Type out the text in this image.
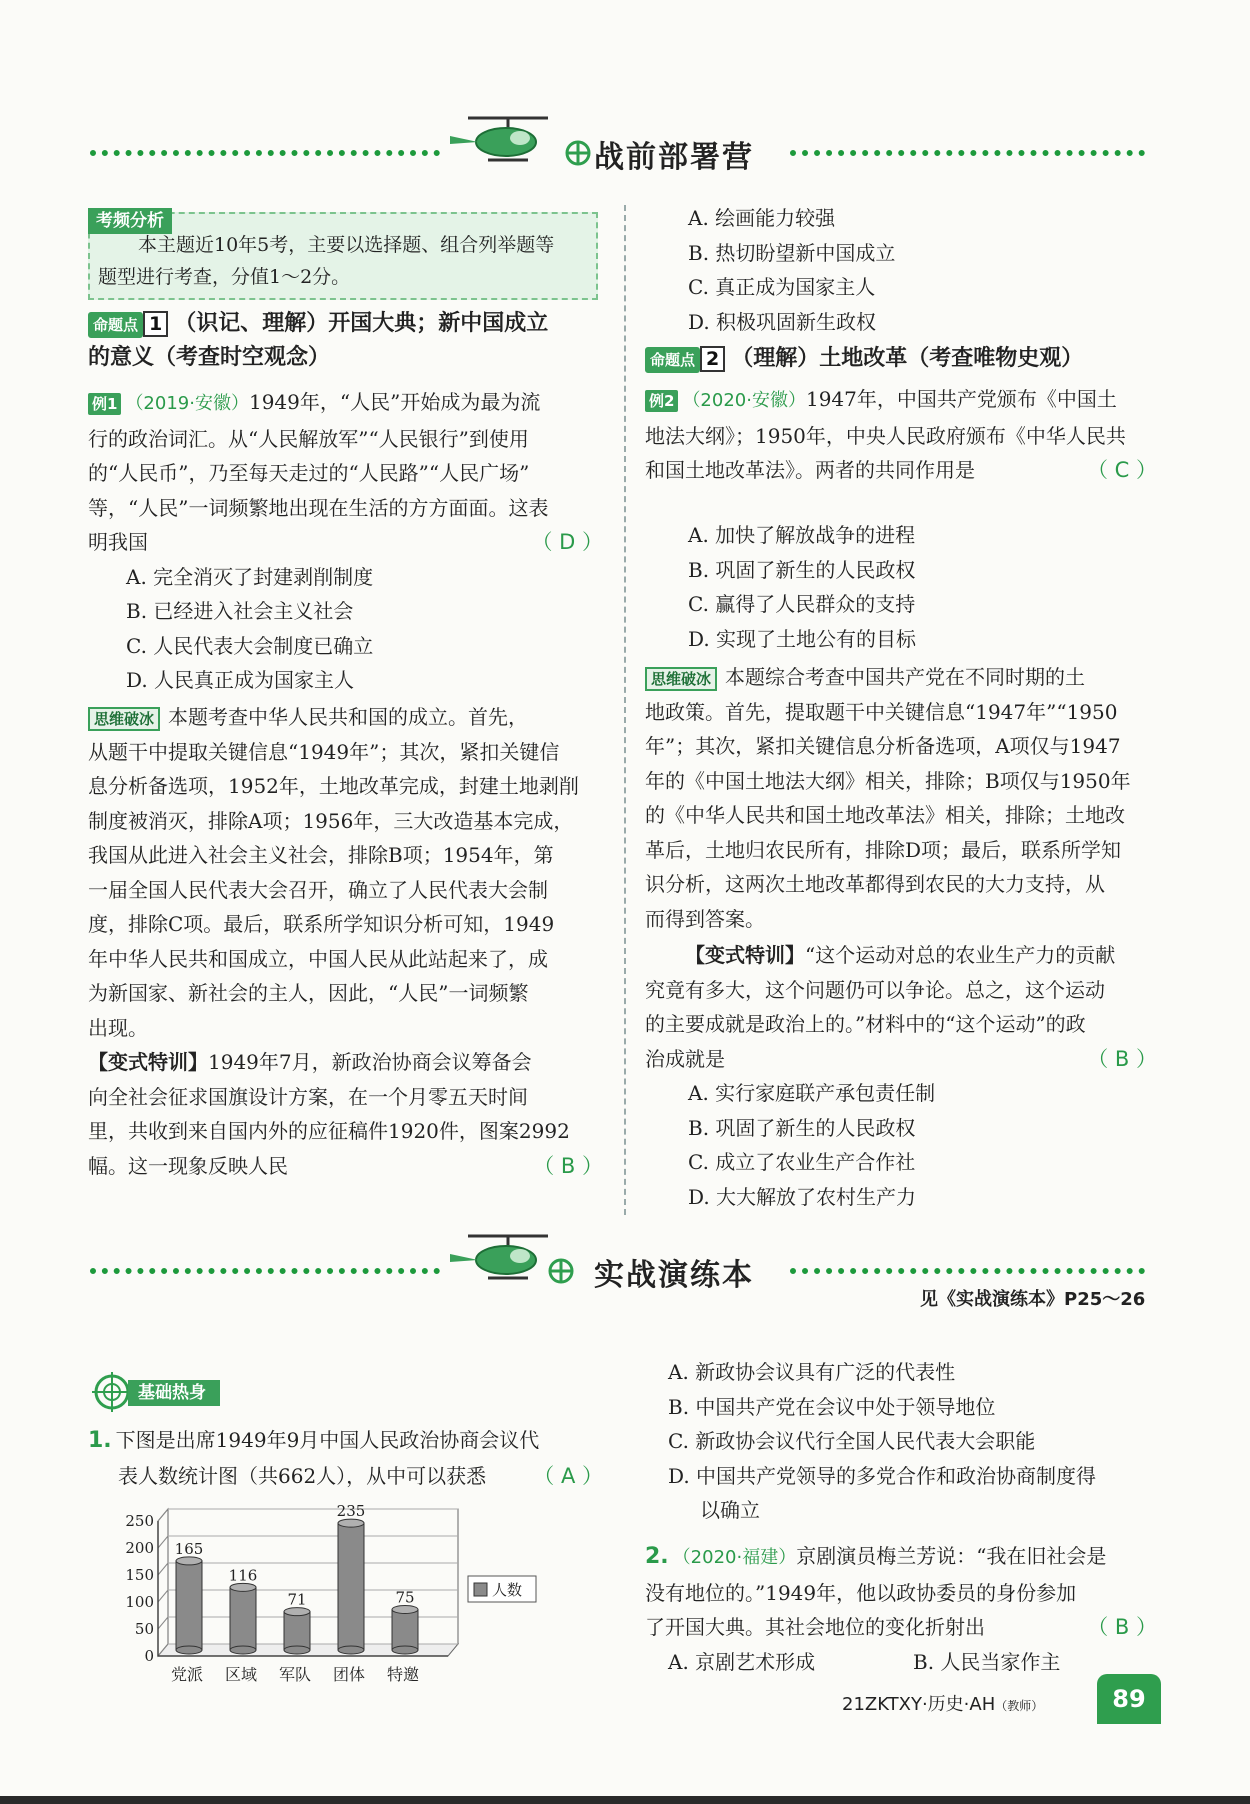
战前部署营
考频分析
本主题近10年5考，主要以选择题、组合列举题等
题型进行考查，分值1～2分。
命题点 1 （识记、理解）开国大典；新中国成立
的意义（考查时空观念）
例1 （2019·安徽）1949年，“人民”开始成为最为流
行的政治词汇。从“人民解放军”“人民银行”到使用
的“人民币”，乃至每天走过的“人民路”“人民广场”
等，“人民”一词频繁地出现在生活的方方面面。这表
明我国	（ D ）
A. 完全消灭了封建剥削制度
B. 已经进入社会主义社会
C. 人民代表大会制度已确立
D. 人民真正成为国家主人
思维破冰 本题考查中华人民共和国的成立。首先，
从题干中提取关键信息“1949年”；其次，紧扣关键信
息分析备选项，1952年，土地改革完成，封建土地剥削
制度被消灭，排除A项；1956年，三大改造基本完成，
我国从此进入社会主义社会，排除B项；1954年，第
一届全国人民代表大会召开，确立了人民代表大会制
度，排除C项。最后，联系所学知识分析可知，1949
年中华人民共和国成立，中国人民从此站起来了，成
为新国家、新社会的主人，因此，“人民”一词频繁
出现。
【变式特训】1949年7月，新政治协商会议筹备会
向全社会征求国旗设计方案，在一个月零五天时间
里，共收到来自国内外的应征稿件1920件，图案2992
幅。这一现象反映人民	（ B ）
A. 绘画能力较强
B. 热切盼望新中国成立
C. 真正成为国家主人
D. 积极巩固新生政权
命题点 2 （理解）土地改革（考查唯物史观）
例2 （2020·安徽）1947年，中国共产党颁布《中国土
地法大纲》；1950年，中央人民政府颁布《中华人民共
和国土地改革法》。两者的共同作用是	（ C ）
A. 加快了解放战争的进程
B. 巩固了新生的人民政权
C. 赢得了人民群众的支持
D. 实现了土地公有的目标
思维破冰 本题综合考查中国共产党在不同时期的土
地政策。首先，提取题干中关键信息“1947年”“1950
年”；其次，紧扣关键信息分析备选项，A项仅与1947
年的《中国土地法大纲》相关，排除；B项仅与1950年
的《中华人民共和国土地改革法》相关，排除；土地改
革后，土地归农民所有，排除D项；最后，联系所学知
识分析，这两次土地改革都得到农民的大力支持，从
而得到答案。
【变式特训】“这个运动对总的农业生产力的贡献
究竟有多大，这个问题仍可以争论。总之，这个运动
的主要成就是政治上的。”材料中的“这个运动”的政
治成就是	（ B ）
A. 实行家庭联产承包责任制
B. 巩固了新生的人民政权
C. 成立了农业生产合作社
D. 大大解放了农村生产力
实战演练本
见《实战演练本》P25～26
基础热身
1. 下图是出席1949年9月中国人民政治协商会议代
表人数统计图（共662人），从中可以获悉 （ A ）
0
50
100
150
200
250
165
党派
116
区域
71
军队
235
团体
75
特邀
人数
A. 新政协会议具有广泛的代表性
B. 中国共产党在会议中处于领导地位
C. 新政协会议代行全国人民代表大会职能
D. 中国共产党领导的多党合作和政治协商制度得
以确立
2. （2020·福建）京剧演员梅兰芳说：“我在旧社会是
没有地位的。”1949年，他以政协委员的身份参加
了开国大典。其社会地位的变化折射出	（ B ）
A. 京剧艺术形成	B. 人民当家作主
21ZKTXY·历史·AH（教师）	89
